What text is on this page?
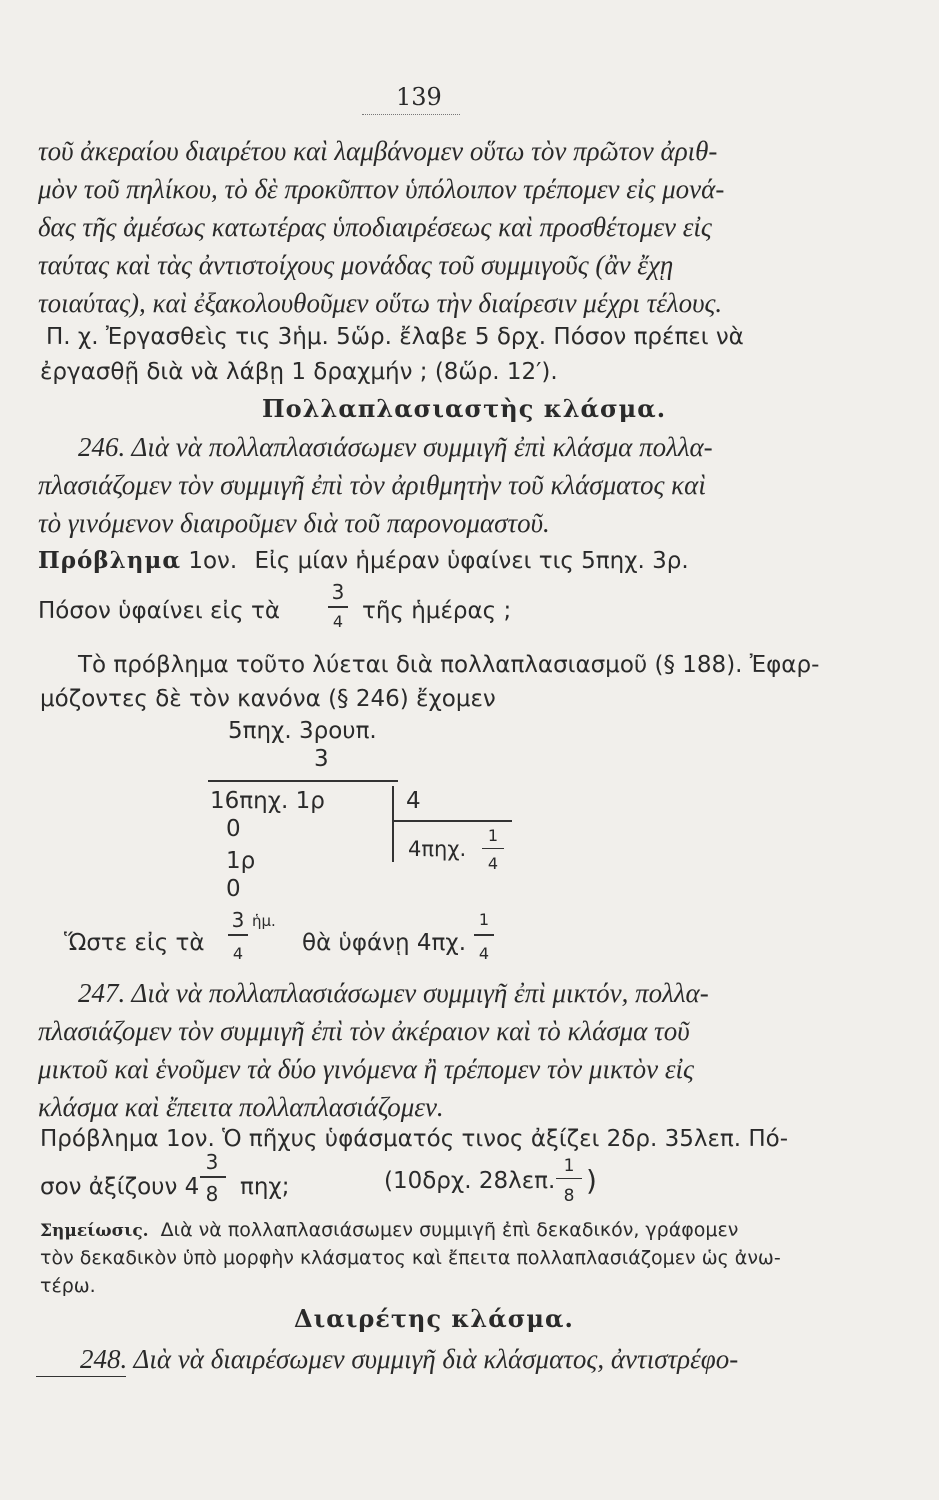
139
τοῦ ἀκεραίου διαιρέτου καὶ λαμβάνομεν οὕτω τὸν πρῶτον ἀριθ-
μὸν τοῦ πηλίκου, τὸ δὲ προκῦπτον ὑπόλοιπον τρέπομεν εἰς μονά-
δας τῆς ἀμέσως κατωτέρας ὑποδιαιρέσεως καὶ προσθέτομεν εἰς
ταύτας καὶ τὰς ἀντιστοίχους μονάδας τοῦ συμμιγοῦς (ἂν ἔχῃ
τοιαύτας), καὶ ἐξακολουθοῦμεν οὕτω τὴν διαίρεσιν μέχρι τέλους.
Π. χ. Ἐργασθεὶς τις 3ἡμ. 5ὥρ. ἔλαβε 5 δρχ. Πόσον πρέπει νὰ
ἐργασθῇ διὰ νὰ λάβῃ 1 δραχμήν ; (8ὥρ. 12′).
Πολλαπλασιαστὴς κλάσμα.
246. Διὰ νὰ πολλαπλασιάσωμεν συμμιγῆ ἐπὶ κλάσμα πολλα-
πλασιάζομεν τὸν συμμιγῆ ἐπὶ τὸν ἀριθμητὴν τοῦ κλάσματος καὶ
τὸ γινόμενον διαιροῦμεν διὰ τοῦ παρονομαστοῦ.
Πρόβλημα 1ον. Εἰς μίαν ἡμέραν ὑφαίνει τις 5πηχ. 3ρ.
Πόσον ὑφαίνει εἰς τὰ
3
4 τῆς ἡμέρας ;
Τὸ πρόβλημα τοῦτο λύεται διὰ πολλαπλασιασμοῦ (§ 188). Ἐφαρ-
μόζοντες δὲ τὸν κανόνα (§ 246) ἔχομεν
5πηχ. 3ρουπ.
3
16πηχ. 1ρ	4
0
1ρ
0
4πηχ.
1
4
Ὥστε εἰς τὰ
3 ἡμ.
4	θὰ ὑφάνῃ 4πχ.
1
4
247. Διὰ νὰ πολλαπλασιάσωμεν συμμιγῆ ἐπὶ μικτόν, πολλα-
πλασιάζομεν τὸν συμμιγῆ ἐπὶ τὸν ἀκέραιον καὶ τὸ κλάσμα τοῦ
μικτοῦ καὶ ἑνοῦμεν τὰ δύο γινόμενα ἢ τρέπομεν τὸν μικτὸν εἰς
κλάσμα καὶ ἔπειτα πολλαπλασιάζομεν.
Πρόβλημα 1ον. Ὁ πῆχυς ὑφάσματός τινος ἀξίζει 2δρ. 35λεπ. Πό-
σον ἀξίζουν 4
3
8 πηχ;	(10δρχ. 28λεπ.
1
8 )
Σημείωσις. Διὰ νὰ πολλαπλασιάσωμεν συμμιγῆ ἐπὶ δεκαδικόν, γράφομεν
τὸν δεκαδικὸν ὑπὸ μορφὴν κλάσματος καὶ ἔπειτα πολλαπλασιάζομεν ὡς ἀνω-
τέρω.
Διαιρέτης κλάσμα.
248. Διὰ νὰ διαιρέσωμεν συμμιγῆ διὰ κλάσματος, ἀντιστρέφο-
